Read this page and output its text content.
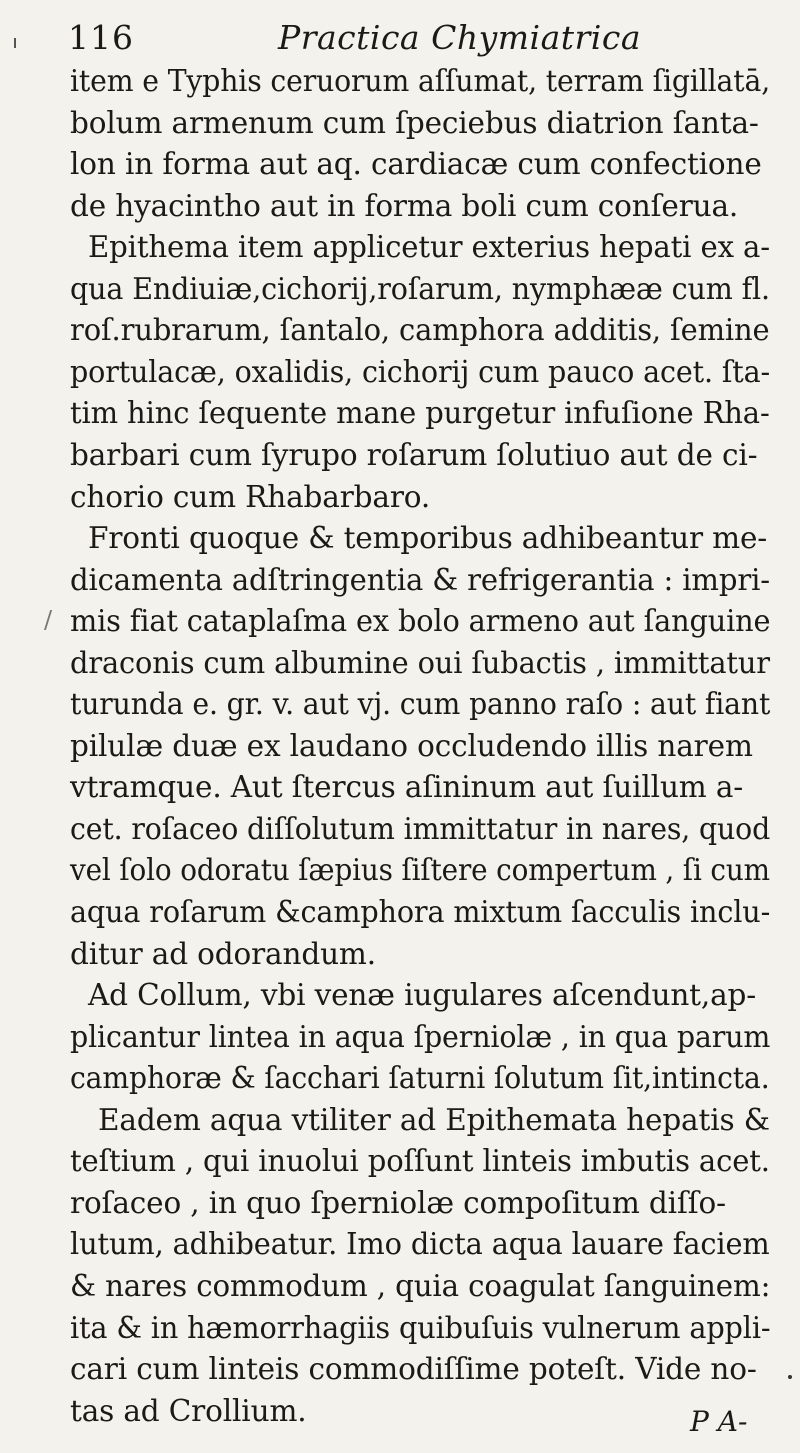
116	Practica Chymiatrica
item e Typhis ceruorum aſſumat, terram ſigillatā,
bolum armenum cum ſpeciebus diatrion ſanta-
lon in forma aut aq. cardiacæ cum confectione
de hyacintho aut in forma boli cum conſerua.
Epithema item applicetur exterius hepati ex a-
qua Endiuiæ,cichorij,roſarum, nymphææ cum fl.
roſ.rubrarum, ſantalo, camphora additis, ſemine
portulacæ, oxalidis, cichorij cum pauco acet. ſta-
tim hinc ſequente mane purgetur infuſione Rha-
barbari cum ſyrupo roſarum ſolutiuo aut de ci-
chorio cum Rhabarbaro.
Fronti quoque & temporibus adhibeantur me-
dicamenta adſtringentia & refrigerantia : impri-
mis fiat cataplaſma ex bolo armeno aut ſanguine
draconis cum albumine oui ſubactis , immittatur
turunda e. gr. v. aut vj. cum panno raſo : aut fiant
pilulæ duæ ex laudano occludendo illis narem
vtramque. Aut ſtercus aſininum aut ſuillum a-
cet. roſaceo diſſolutum immittatur in nares, quod
vel ſolo odoratu ſæpius ſiſtere compertum , ſi cum
aqua roſarum &camphora mixtum ſacculis inclu-
ditur ad odorandum.
Ad Collum, vbi venæ iugulares aſcendunt,ap-
plicantur lintea in aqua ſperniolæ , in qua parum
camphoræ & ſacchari ſaturni ſolutum ſit,intincta.
Eadem aqua vtiliter ad Epithemata hepatis &
teſtium , qui inuolui poſſunt linteis imbutis acet.
roſaceo , in quo ſperniolæ compoſitum diſſo-
lutum, adhibeatur. Imo dicta aqua lauare faciem
& nares commodum , quia coagulat ſanguinem:
ita & in hæmorrhagiis quibuſuis vulnerum appli-
cari cum linteis commodiſſime poteſt. Vide no-
tas ad Crollium.
/
P A-
